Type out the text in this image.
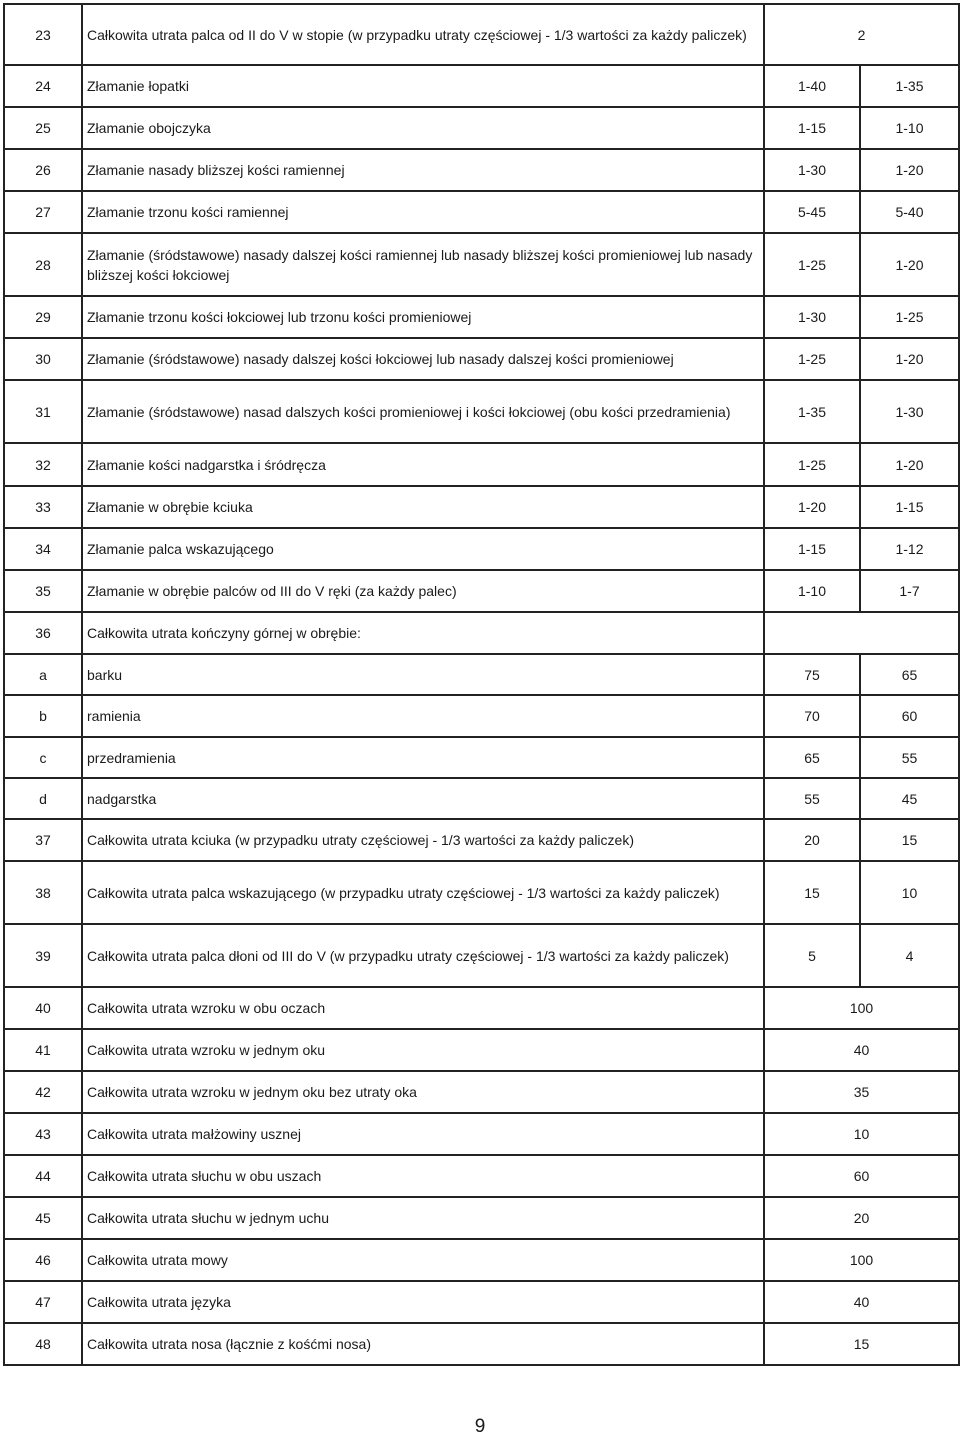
23	Całkowita utrata palca od II do V w stopie (w przypadku utraty częściowej - 1/3 wartości za każdy paliczek)	2	
24	Złamanie łopatki	1-40	1-35
25	Złamanie obojczyka	1-15	1-10
26	Złamanie nasady bliższej kości ramiennej	1-30	1-20
27	Złamanie trzonu kości ramiennej	5-45	5-40
28	Złamanie (śródstawowe) nasady dalszej kości ramiennej lub nasady bliższej kości promieniowej lub nasady bliższej kości łokciowej	1-25	1-20
29	Złamanie trzonu kości łokciowej lub trzonu kości promieniowej	1-30	1-25
30	Złamanie (śródstawowe) nasady dalszej kości łokciowej lub nasady dalszej kości promieniowej	1-25	1-20
31	Złamanie (śródstawowe) nasad dalszych kości promieniowej i kości łokciowej (obu kości przedramienia)	1-35	1-30
32	Złamanie kości nadgarstka i śródręcza	1-25	1-20
33	Złamanie w obrębie kciuka	1-20	1-15
34	Złamanie palca wskazującego	1-15	1-12
35	Złamanie w obrębie palców od III do V ręki (za każdy palec)	1-10	1-7
36	Całkowita utrata kończyny górnej w obrębie:		
a	barku	75	65
b	ramienia	70	60
c	przedramienia	65	55
d	nadgarstka	55	45
37	Całkowita utrata kciuka (w przypadku utraty częściowej - 1/3 wartości za każdy paliczek)	20	15
38	Całkowita utrata palca wskazującego (w przypadku utraty częściowej - 1/3 wartości za każdy paliczek)	15	10
39	Całkowita utrata palca dłoni od III do V (w przypadku utraty częściowej - 1/3 wartości za każdy paliczek)	5	4
40	Całkowita utrata wzroku w obu oczach	100	
41	Całkowita utrata wzroku w jednym oku	40	
42	Całkowita utrata wzroku w jednym oku bez utraty oka	35	
43	Całkowita utrata małżowiny usznej	10	
44	Całkowita utrata słuchu w obu uszach	60	
45	Całkowita utrata słuchu w jednym uchu	20	
46	Całkowita utrata mowy	100	
47	Całkowita utrata języka	40	
48	Całkowita utrata nosa (łącznie z kośćmi nosa)	15	
9
